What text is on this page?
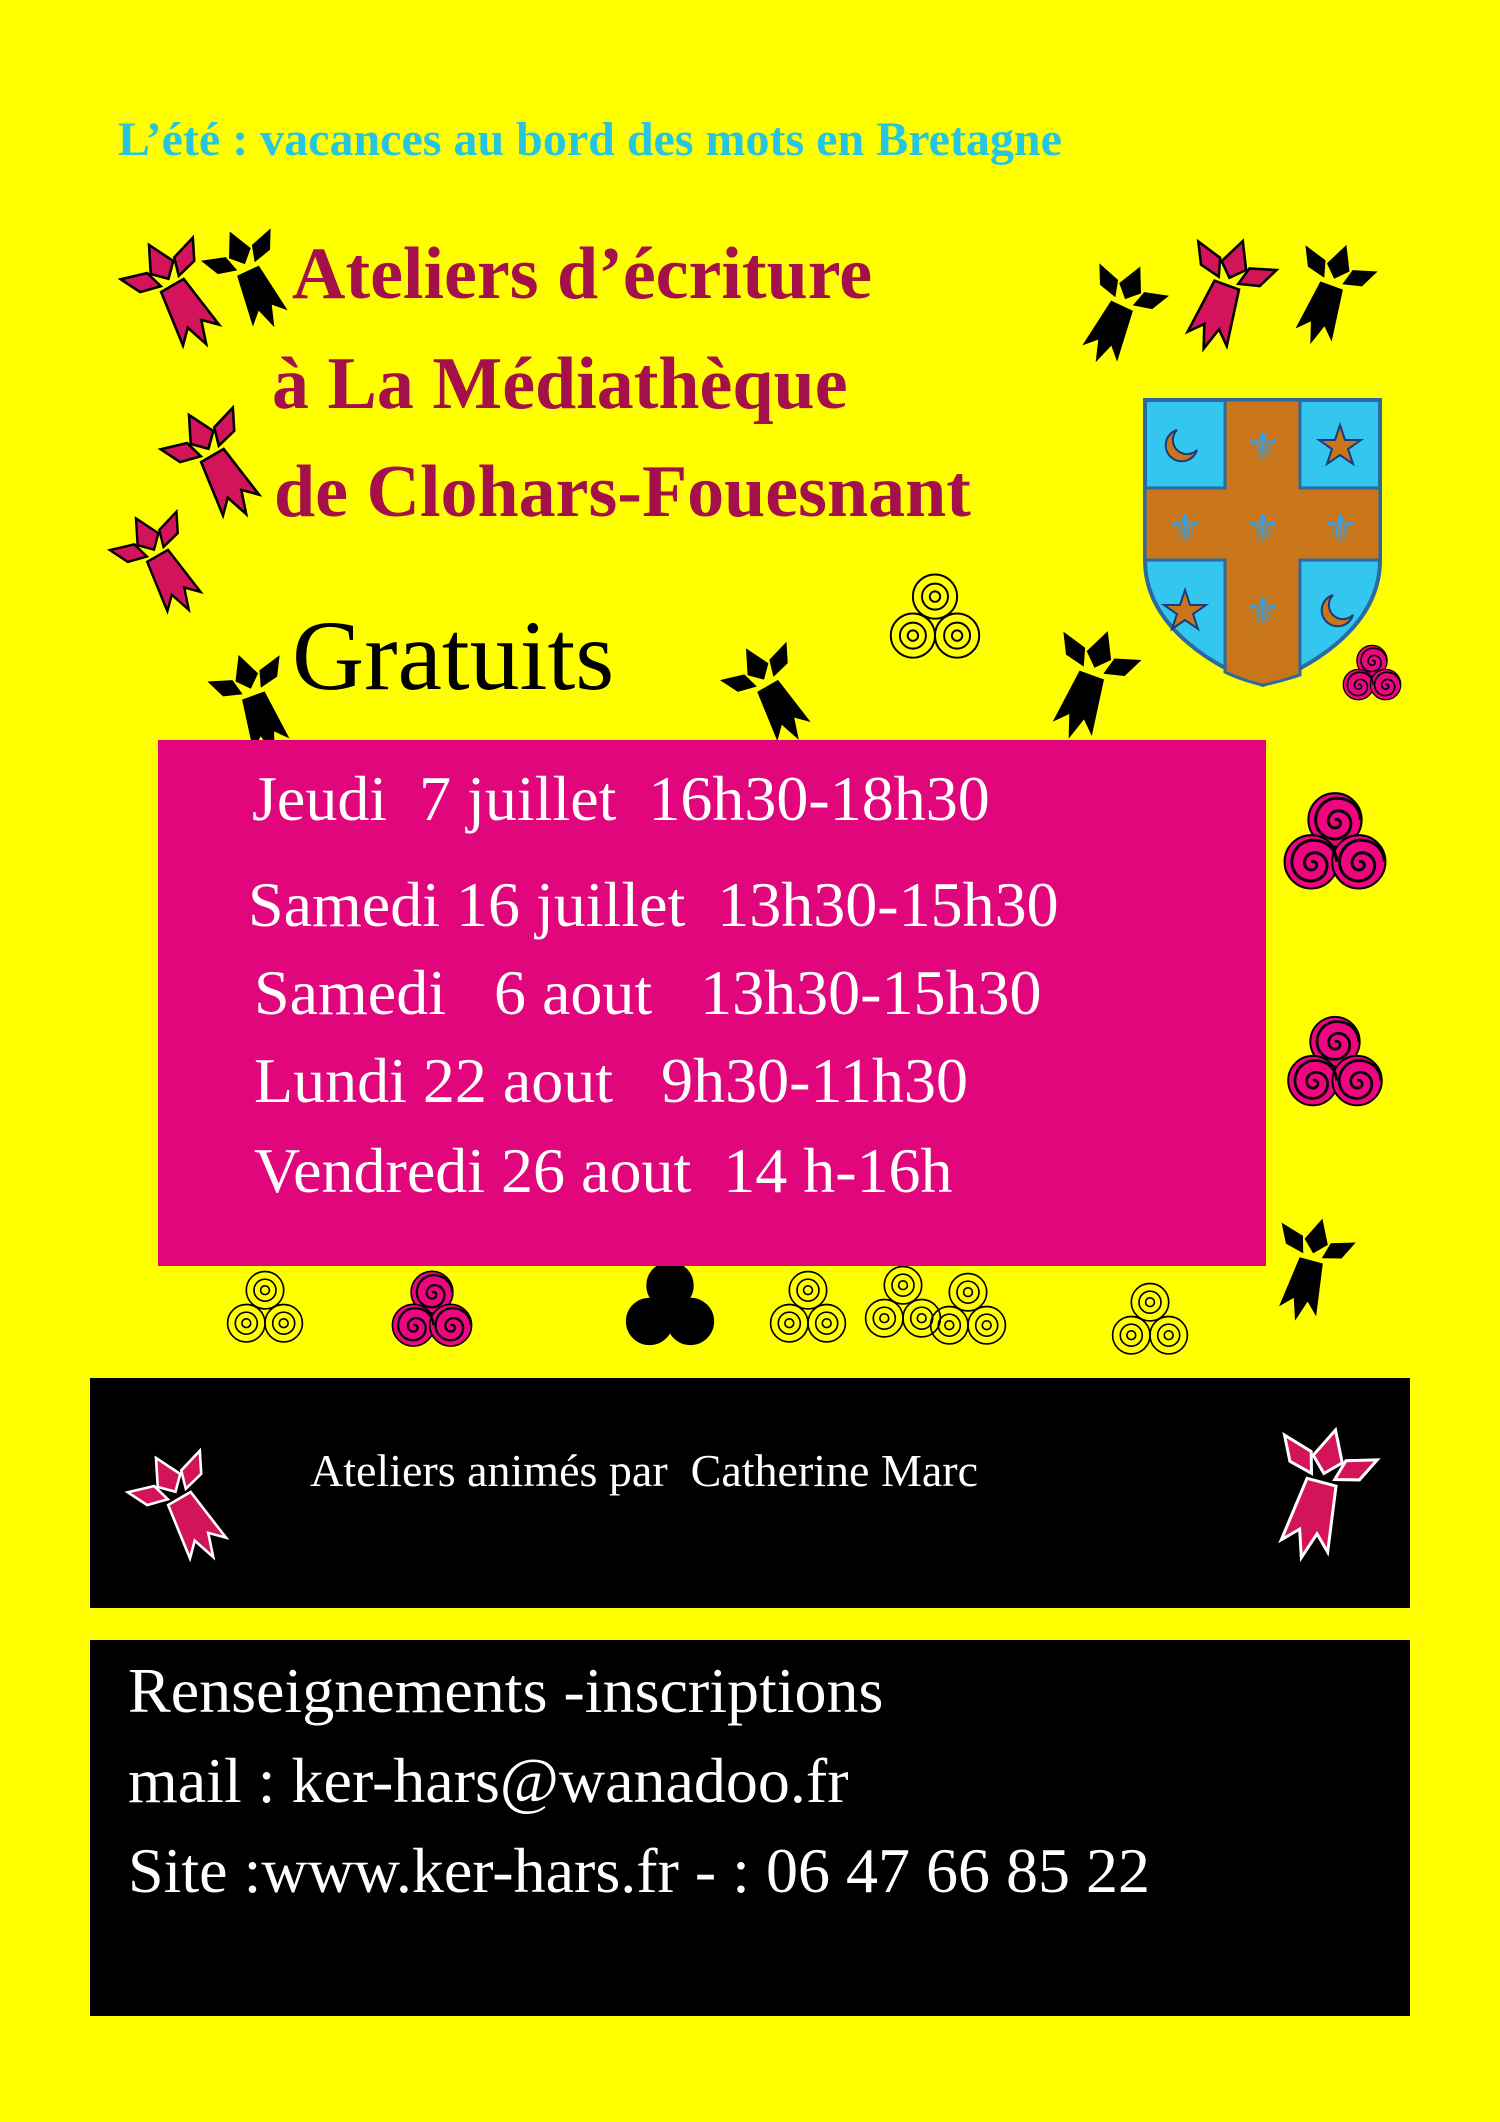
⚜
⚜ ⚜ ⚜
⚜
L’été : vacances au bord des mots en Bretagne
Ateliers d’écriture
à La Médiathèque
de Clohars-Fouesnant
Gratuits
Jeudi  7 juillet  16h30-18h30
Samedi 16 juillet  13h30-15h30
Samedi   6 aout   13h30-15h30
Lundi 22 aout   9h30-11h30
Vendredi 26 aout  14 h-16h
Ateliers animés par  Catherine Marc
Renseignements -inscriptions
mail : ker-hars@wanadoo.fr
Site :www.ker-hars.fr - : 06 47 66 85 22
